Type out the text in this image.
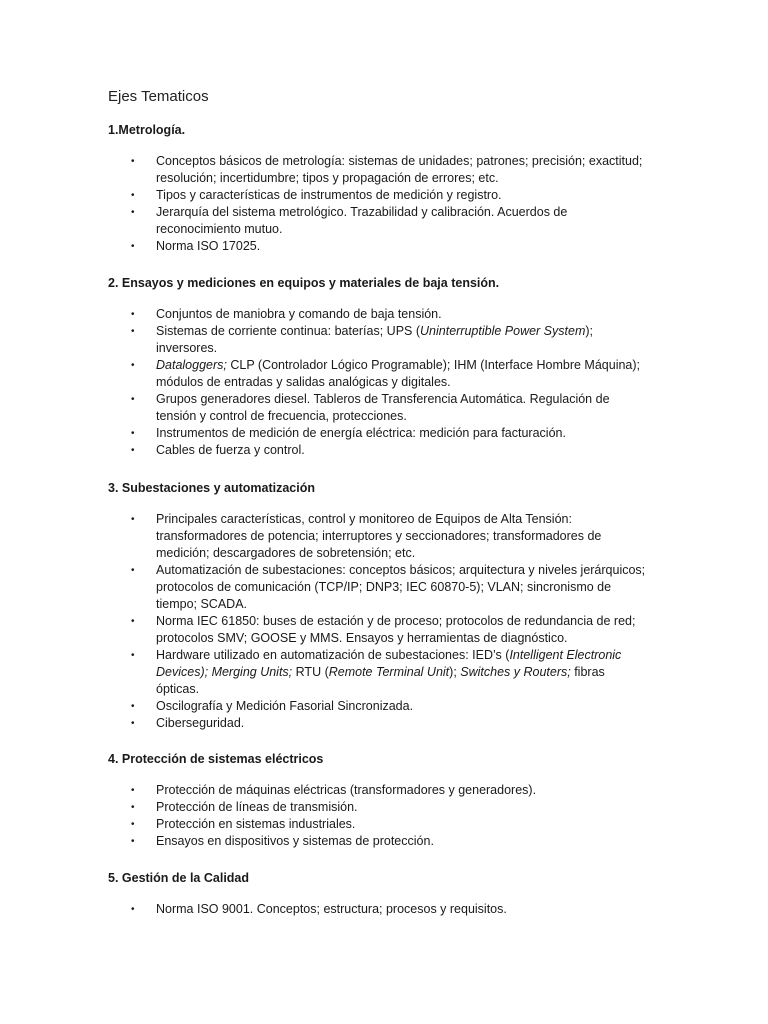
Ejes Tematicos
1.Metrología.
• Conceptos básicos de metrología: sistemas de unidades; patrones; precisión; exactitud; resolución; incertidumbre; tipos y propagación de errores; etc.
• Tipos y características de instrumentos de medición y registro.
• Jerarquía del sistema metrológico. Trazabilidad y calibración. Acuerdos de reconocimiento mutuo.
• Norma ISO 17025.
2. Ensayos y mediciones en equipos y materiales de baja tensión.
• Conjuntos de maniobra y comando de baja tensión.
• Sistemas de corriente continua: baterías; UPS (Uninterruptible Power System); inversores.
• Dataloggers; CLP (Controlador Lógico Programable); IHM (Interface Hombre Máquina); módulos de entradas y salidas analógicas y digitales.
• Grupos generadores diesel. Tableros de Transferencia Automática. Regulación de tensión y control de frecuencia, protecciones.
• Instrumentos de medición de energía eléctrica: medición para facturación.
• Cables de fuerza y control.
3. Subestaciones y automatización
• Principales características, control y monitoreo de Equipos de Alta Tensión: transformadores de potencia; interruptores y seccionadores; transformadores de medición; descargadores de sobretensión; etc.
• Automatización de subestaciones: conceptos básicos; arquitectura y niveles jerárquicos; protocolos de comunicación (TCP/IP; DNP3; IEC 60870-5); VLAN; sincronismo de tiempo; SCADA.
• Norma IEC 61850: buses de estación y de proceso; protocolos de redundancia de red; protocolos SMV; GOOSE y MMS. Ensayos y herramientas de diagnóstico.
• Hardware utilizado en automatización de subestaciones: IED’s (Intelligent Electronic Devices); Merging Units; RTU (Remote Terminal Unit); Switches y Routers; fibras ópticas.
• Oscilografía y Medición Fasorial Sincronizada.
• Ciberseguridad.
4. Protección de sistemas eléctricos
• Protección de máquinas eléctricas (transformadores y generadores).
• Protección de líneas de transmisión.
• Protección en sistemas industriales.
• Ensayos en dispositivos y sistemas de protección.
5. Gestión de la Calidad
• Norma ISO 9001. Conceptos; estructura; procesos y requisitos.
